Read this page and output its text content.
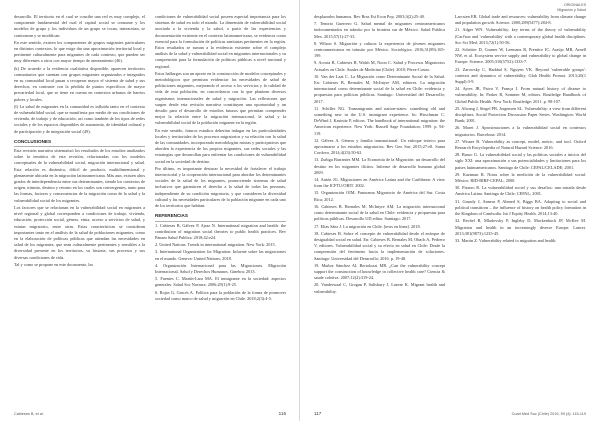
desarrollo. El territorio en el cual se concibe una red es muy complejo, el componente fundamental del cual el capital social se consume y los modelos de grupo y los individuos de un grupo se tocan, interactúan, se contornean y se modifican.

En este sentido, existen los componentes de grupos migrantes particulares en distintos contextos, lo que exige dar una aproximación territorial local y pertinente culturalmente para migrantes de cada contexto, que pueden ser muy diferentes a otros con mayor tiempo de asentamiento (46).

(k) De acuerdo a la evidencia cualitativa disponible, aparecen territorios comunitarios que cuentan con grupos migrantes organizados e integrados en su comunidad local pasan a recuperar mayor el sistema de salud y sus derechos, en contraste con la pérdida de puntos específicos de mayor precariedad local, que se tiene en cuenta en contextos urbanos de barrios pobres y locales.

(l) La salud de migrantes en la comunidad es influida tanto en el contexto de vulnerabilidad social, que se manifiesta por medio de sus condiciones de vivienda, de trabajo y de educación; así como también de los tipos de redes sociales y de los espacios disponibles de autonomía, de identidad cultural y de participación y de integración social (49).

CONCLUSIONES

Esta revisión narrativa sistematizó los resultados de los estudios analizados sobre la temática de esta revisión, relacionadas con los modelos conceptuales de la vulnerabilidad social, migración internacional y salud. Esta relación es dinámica, difícil de producir, multidimensional y plenamente ubicada en la migración latinoamericana. Más aun, existen altos grados de interdependencia entre sus determinantes, siendo los contextos de origen, tránsito, destino y retorno en los cuales son convergentes, tanto para las formas, factores y consecuencias de la migración como de la salud y la vulnerabilidad social de los migrantes.

Los factores que se relacionan en la vulnerabilidad social en migrantes a nivel regional y global corresponden a condiciones de trabajo, vivienda, educación, protección social, género, etnia, acceso a servicios de salud, y estatus migratorio, entre otras. Estas características se consideran importantes tanto en el análisis de la salud de poblaciones migrantes, como en la elaboración de políticas públicas que atiendan las necesidades en salud de los migrantes, que sean culturalmente pertinentes y sensibles a la diversidad presente en los territorios, su historia, sus procesos y sus diversas condiciones de vida.

Tal y como se propone en este documento, las

condiciones de vulnerabilidad social poseen especial importancia para los sistemas de salud en todo el mundo. La dimensión de vulnerabilidad social asociada a la vivienda y la salud, a partir de las experiencias y documentación existente en el contexto latinoamericano, se evidencia como esencial para la formulación de políticas sanitarias pertinentes en la región. Estos resultados se suman a la evidencia existente sobre el complejo análisis de la salud y vulnerabilidad social en migrantes internacionales y su comprensión para la formulación de políticas públicas a nivel nacional y regional.

Estos hallazgos son un aporte en la construcción de modelos conceptuales y metodológicos que permitan evidenciar las necesidades de salud de poblaciones migrantes, mejorando el acceso a los servicios y la calidad de vida de esta población, en concordancia con lo que plantean diversos organismos internacionales de salud y migración. Las reflexiones que surgen desde esta revisión narrativa constituyen una oportunidad y un desafío para el desarrollo de estudios futuros que permitan comprender mejor la relación entre la migración internacional, la salud y la vulnerabilidad social de la población migrante en la región.

En este sentido, futuros estudios deberían indagar en las particularidades locales y territoriales de los procesos migratorios y su relación con la salud de las comunidades, incorporando metodologías mixtas y participativas que aborden la experiencia de los propios migrantes, sus redes sociales y las estrategias que desarrollan para enfrentar las condiciones de vulnerabilidad social en la sociedad de destino.

Por último, es importante destacar la necesidad de fortalecer el trabajo intersectorial y la cooperación internacional para abordar los determinantes sociales de la salud de los migrantes, promoviendo sistemas de salud inclusivos que garanticen el derecho a la salud de todas las personas, independiente de su condición migratoria, y que consideren la diversidad cultural y las necesidades particulares de la población migrante en cada uno de los territorios que habitan.

REFERENCIAS

1. Cabieses B, Gálvez P, Ajraz N. International migration and health: the contribution of migration social theories to public health practices. Rev Panam Salud Publica. 2018;42:e24.

2. United Nations. Trends in international migration. New York: 2015.

3. International Organization for Migration. Informe sobre las migraciones en el mundo. Geneva: United Nations; 2018.

4. Organización Internacional para las Migraciones. Migración Internacional, Salud y Derechos Humanos. Ginebra; 2013.

5. Fuentes C, Martín-Lara MA. El inmigrante en la sociedad: aspectos generales. Salud Soc Navarra. 2006;29(1):9-25.

6. Rojas G, Garcés A. Política para la población de la forma de promover sociedad como marco de salud y migración en Chile. 2018;2(3):4-5.

Cabieses B, et al.	116
ORIGINALES
Migración y Salud

desplazados humanos. Rev Bras Est Econ Pop. 2003;3(2):25-40.

7. Tenorio Guerrero G. Salud mental de migrantes centroamericanos indocumentados en tránsito por la frontera sur de México. Salud Publica Mex. 2015;57(1):27-33.

8. Wilson S. Migración y cultura: la experiencia de jóvenes migrantes centroamericanos en tránsito por México. Sociológica. 2016;31(89):165-199.

9. Acosta B, Cabieses B, Walsh M, Noon C. Salud y Procesos Migratorios Actuales en Chile. Anales de Medicina (Chile). 2018; Pérez-Castro.

10. Van der Laat C. La Migración como Determinante Social de la Salud. En: Cabieses B, Bernales M, McIntyre AM, editores. La migración internacional como determinante social de la salud en Chile: evidencia y propuestas para políticas públicas. Santiago: Universidad del Desarrollo; 2017.

11. Schiller NG. Transmigrants and nation-states: something old and something new in the U.S. immigrant experience. In: Hirschman C, DeWind J, Kasinitz P, editors. The handbook of international migration: the American experience. New York: Russell Sage Foundation; 1999. p. 94-119.

12. Gálvez A. Género y familia transnacional. Un enfoque teórico para aproximarse a los estudios migratorios. Rev Geo Sur. 2015;27:e8. Suma Cordova. 2014;4(23):50-62.

13. Zuñiga Barrantes MM. La Economía de la Migración: un desarrollo del destino en los migrantes ilícitos. Informe de desarrollo humano global 2009.

14. Antón JG. Migraciones en América Latina and the Caribbean: A view from the ICFTU/ORIT. 2002.

15. Organización OIM, Panorama Migratorio de América del Sur. Costa Rica; 2012.

16. Cabieses B, Bernales M, McIntyre AM. La migración internacional como determinante social de la salud en Chile: evidencia y propuestas para políticas públicas. Desarrollo UD editor. Santiago; 2017.

17. Elías Sáez J. La migración en Chile. [tesis en línea]. 2018.

18. Cabieses B. Sobre el concepto de vulnerabilidad desde el enfoque de desigualdad social en salud. En: Cabieses B, Bernales M, Obach A, Pedrero V, editores. Vulnerabilidad social y su efecto en salud en Chile: Desde la comprensión del fenómeno hacia la implementación de soluciones. Santiago: Universidad del Desarrollo; 2016. p. 19-48.

19. Muñoz Sánchez AI, Bertolozzi MR. ¿Can the vulnerability concept support the construction of knowledge in collective health care? Ciencia & saude coletiva. 2007;12(2):319-24.

20. Vanderwaal C, Grogan P, Salisbury J, Lazear K. Migrant health and vulnerability.

Larcsten EB. Global trade and resources: vulnerability from climate change and population growth. Science. 2000;289(5477):284-8.

21. Adger WN. Vulnerability: key terms of the theory of vulnerability (Carl'son and 'vulnerability' with a contemporary global health disciplines. Soc Sci Med. 2013;72(1):50-56.

22. Schröter D, Cramer W, Leemans R, Prentice IC, Araújo MB, Arnell NW, et al. Ecosystem service supply and vulnerability to global change in Europe. Science. 2005;310(5752):1333-7.

23. Zarowsky C, Haddad S, Nguyen VK. Beyond 'vulnerable groups': contexts and dynamics of vulnerability. Glob Health Promot. 2013;20(1 Suppl):3-9.

24. Ayres JR, Paiva V, França I. From natural history of disease to vulnerability. In: Parker R, Sommer M, editors. Routledge Handbook of Global Public Health. New York: Routledge; 2011. p. 98-107.

25. Alwang J, Siegel PB, Jorgensen SL. Vulnerability: a view from different disciplines. Social Protection Discussion Paper Series. Washington: World Bank; 2001.

26. Moret J. Aproximaciones a la vulnerabilidad social en contextos migratorios. Barcelona: 2014.

27. Wisner B. Vulnerability as concept, model, metric, and tool. Oxford Research Encyclopedia of Natural Hazard Science. 2016.

28. Busso G. La vulnerabilidad social y las políticas sociales a inicios del siglo XXI: una aproximación a sus potencialidades y limitaciones para los países latinoamericanos. Santiago de Chile: CEPAL/CELADE; 2001.

29. Kaztman R. Notas sobre la medición de la vulnerabilidad social. México: BID-BIRF-CEPAL; 2000.

30. Pizarro R. La vulnerabilidad social y sus desafíos: una mirada desde América Latina. Santiago de Chile: CEPAL; 2001.

31. Grundy J, Annear P, Ahmed S, Biggs BA. Adapting to social and political transitions – the influence of history on health policy formation in the Kingdom of Cambodia. Int J Equity Health. 2014;13:40.

32. Rechel B, Mladovsky P, Ingleby D, Mackenbach JP, McKee M. Migration and health in an increasingly diverse Europe. Lancet. 2013;381(9873):1235-45.

33. Martin Z. Vulnerability related to migration and health.

117	Cuad Méd Soc (Chile) 2019, 59 (4): 115-119
